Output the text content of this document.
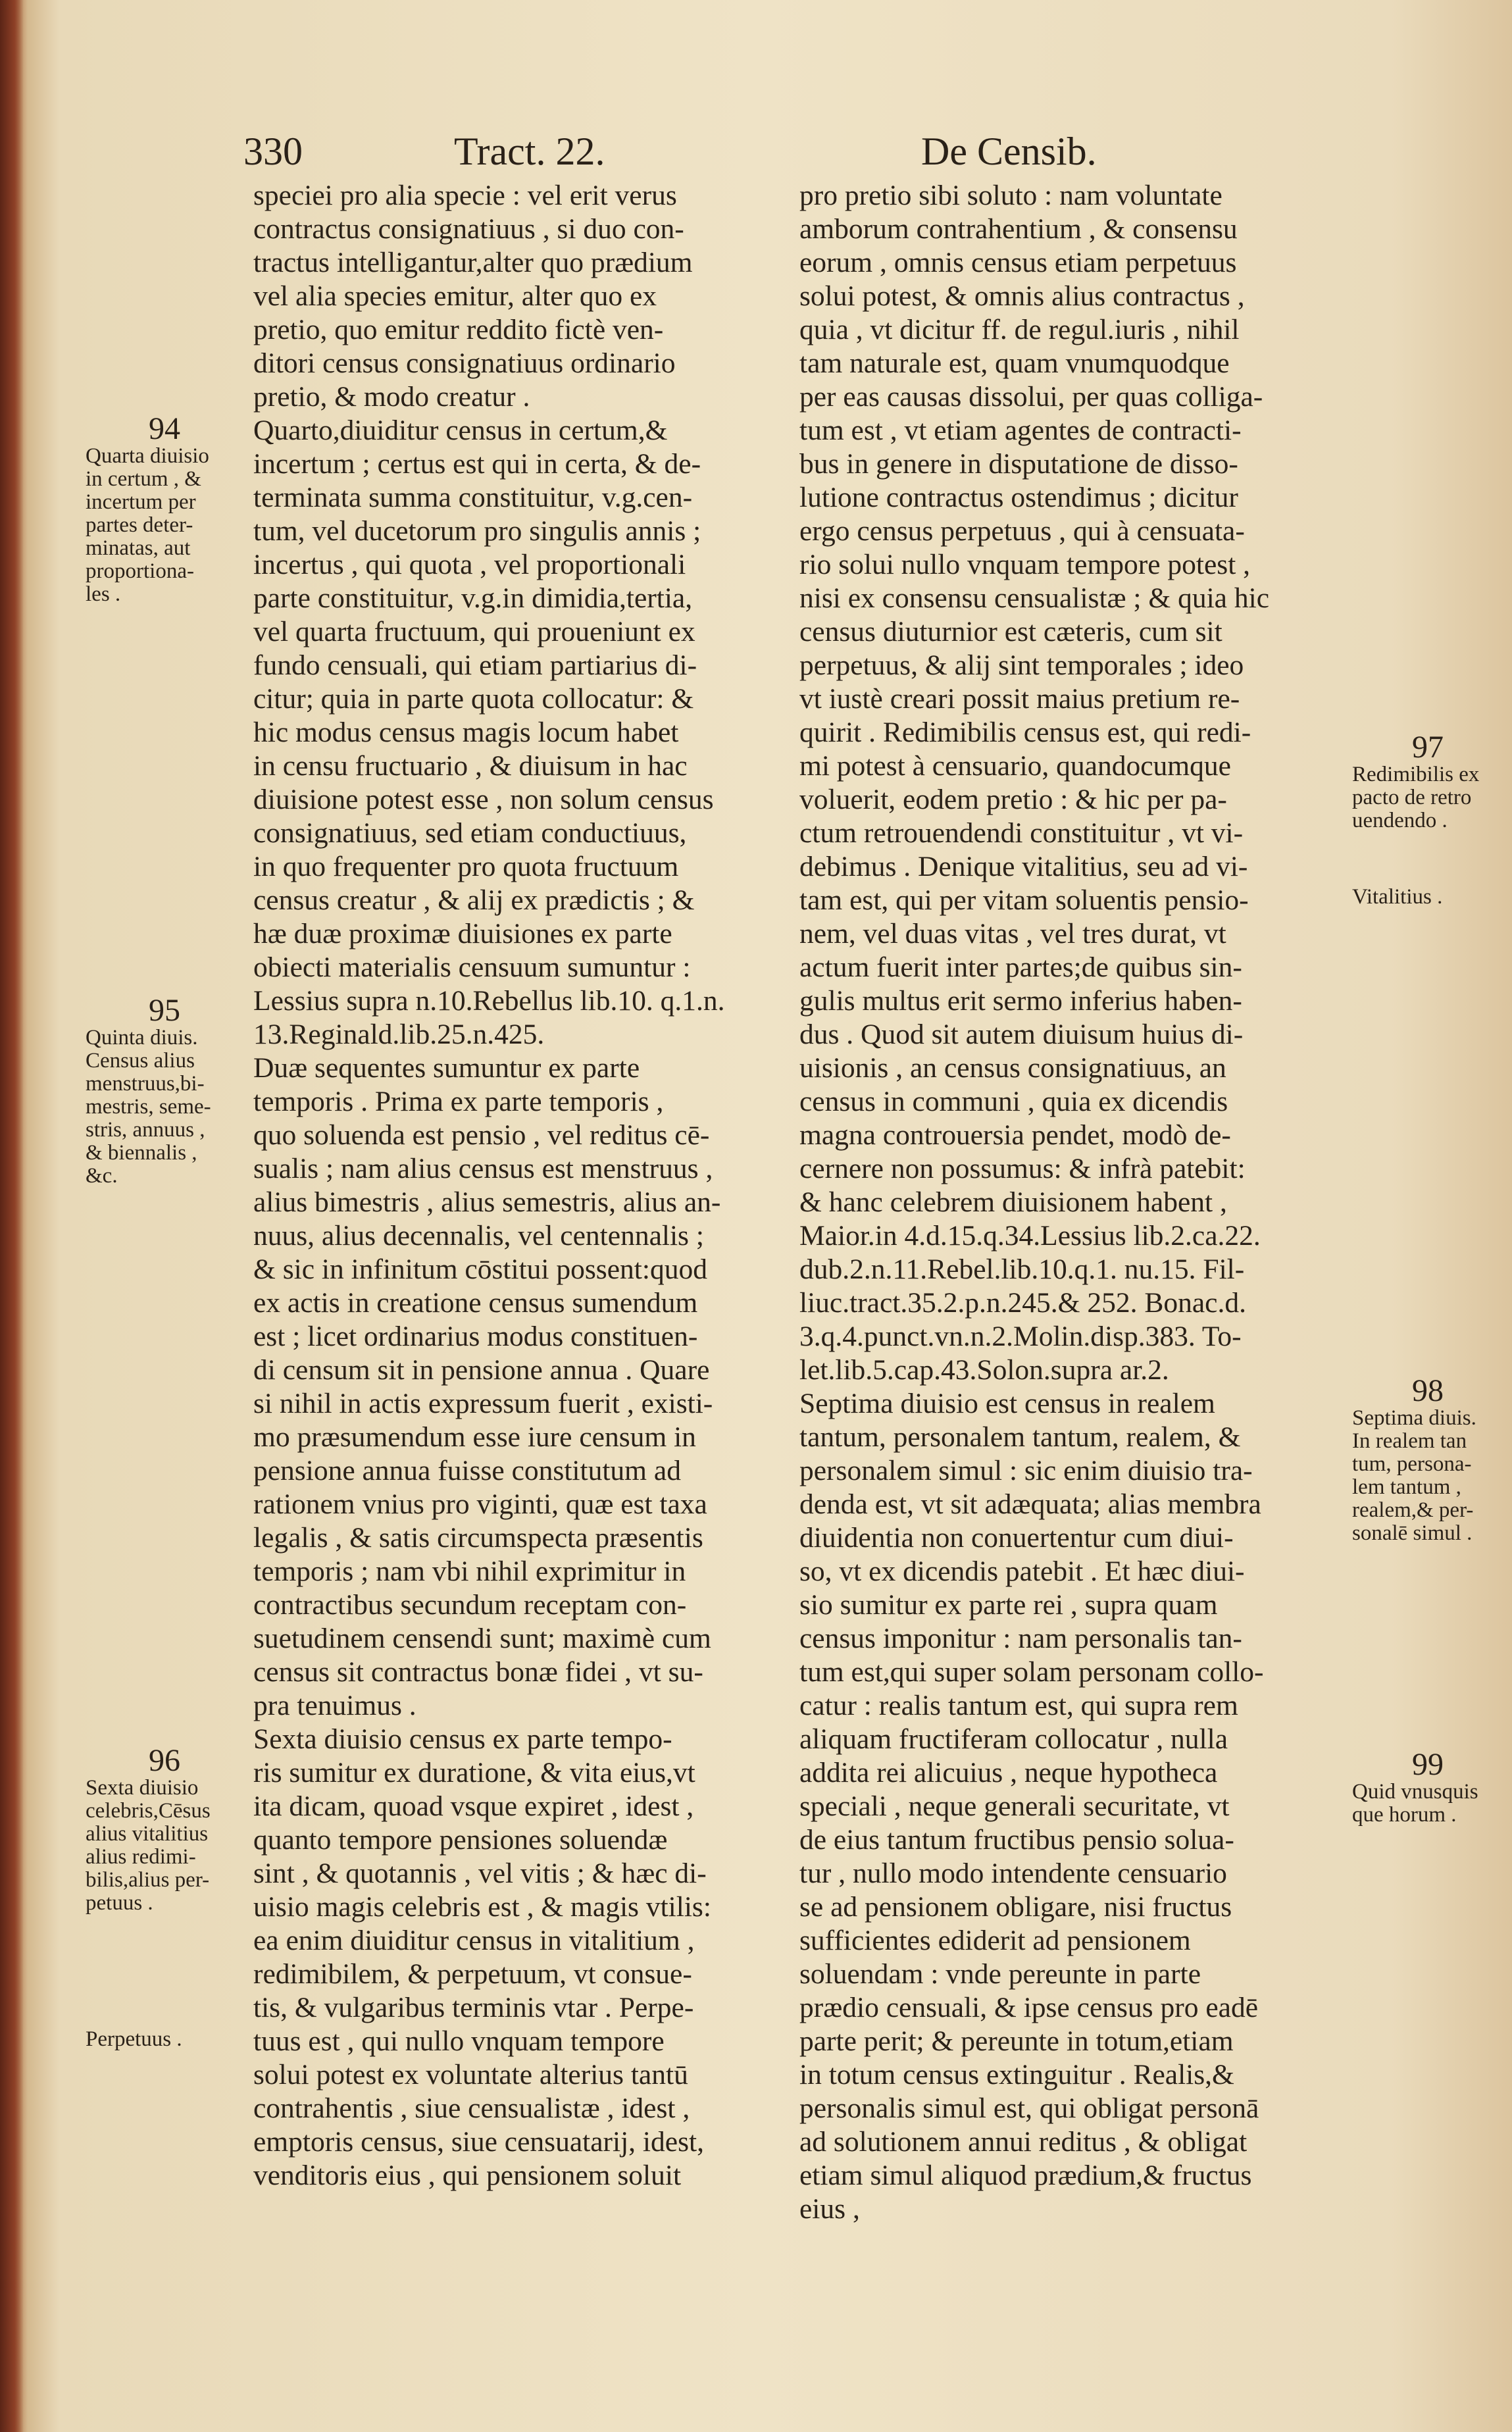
330	Tract. 22.	De Censib.

speciei pro alia specie : vel erit verus

contractus consignatiuus , si duo con-

tractus intelligantur,alter quo prædium

vel alia species emitur, alter quo ex

pretio, quo emitur reddito fictè ven-

ditori census consignatiuus ordinario

pretio, & modo creatur .

Quarto,diuiditur census in certum,&

incertum ; certus est qui in certa, & de-

terminata summa constituitur, v.g.cen-

tum, vel ducetorum pro singulis annis ;

incertus , qui quota , vel proportionali

parte constituitur, v.g.in dimidia,tertia,

vel quarta fructuum, qui proueniunt ex

fundo censuali, qui etiam partiarius di-

citur; quia in parte quota collocatur: &

hic modus census magis locum habet

in censu fructuario , & diuisum in hac

diuisione potest esse , non solum census

consignatiuus, sed etiam conductiuus,

in quo frequenter pro quota fructuum

census creatur , & alij ex prædictis ; &

hæ duæ proximæ diuisiones ex parte

obiecti materialis censuum sumuntur :

Lessius supra n.10.Rebellus lib.10. q.1.n.

13.Reginald.lib.25.n.425.

Duæ sequentes sumuntur ex parte

temporis . Prima ex parte temporis ,

quo soluenda est pensio , vel reditus cē-

sualis ; nam alius census est menstruus ,

alius bimestris , alius semestris, alius an-

nuus, alius decennalis, vel centennalis ;

& sic in infinitum cōstitui possent:quod

ex actis in creatione census sumendum

est ; licet ordinarius modus constituen-

di censum sit in pensione annua . Quare

si nihil in actis expressum fuerit , existi-

mo præsumendum esse iure censum in

pensione annua fuisse constitutum ad

rationem vnius pro viginti, quæ est taxa

legalis , & satis circumspecta præsentis

temporis ; nam vbi nihil exprimitur in

contractibus secundum receptam con-

suetudinem censendi sunt; maximè cum

census sit contractus bonæ fidei , vt su-

pra tenuimus .

Sexta diuisio census ex parte tempo-

ris sumitur ex duratione, & vita eius,vt

ita dicam, quoad vsque expiret , idest ,

quanto tempore pensiones soluendæ

sint , & quotannis , vel vitis ; & hæc di-

uisio magis celebris est , & magis vtilis:

ea enim diuiditur census in vitalitium ,

redimibilem, & perpetuum, vt consue-

tis, & vulgaribus terminis vtar . Perpe-

tuus est , qui nullo vnquam tempore

solui potest ex voluntate alterius tantū

contrahentis , siue censualistæ , idest ,

emptoris census, siue censuatarij, idest,

venditoris eius , qui pensionem soluit

pro pretio sibi soluto : nam voluntate

amborum contrahentium , & consensu

eorum , omnis census etiam perpetuus

solui potest, & omnis alius contractus ,

quia , vt dicitur ff. de regul.iuris , nihil

tam naturale est, quam vnumquodque

per eas causas dissolui, per quas colliga-

tum est , vt etiam agentes de contracti-

bus in genere in disputatione de disso-

lutione contractus ostendimus ; dicitur

ergo census perpetuus , qui à censuata-

rio solui nullo vnquam tempore potest ,

nisi ex consensu censualistæ ; & quia hic

census diuturnior est cæteris, cum sit

perpetuus, & alij sint temporales ; ideo

vt iustè creari possit maius pretium re-

quirit . Redimibilis census est, qui redi-

mi potest à censuario, quandocumque

voluerit, eodem pretio : & hic per pa-

ctum retrouendendi constituitur , vt vi-

debimus . Denique vitalitius, seu ad vi-

tam est, qui per vitam soluentis pensio-

nem, vel duas vitas , vel tres durat, vt

actum fuerit inter partes;de quibus sin-

gulis multus erit sermo inferius haben-

dus . Quod sit autem diuisum huius di-

uisionis , an census consignatiuus, an

census in communi , quia ex dicendis

magna controuersia pendet, modò de-

cernere non possumus: & infrà patebit:

& hanc celebrem diuisionem habent ,

Maior.in 4.d.15.q.34.Lessius lib.2.ca.22.

dub.2.n.11.Rebel.lib.10.q.1. nu.15. Fil-

liuc.tract.35.2.p.n.245.& 252. Bonac.d.

3.q.4.punct.vn.n.2.Molin.disp.383. To-

let.lib.5.cap.43.Solon.supra ar.2.

Septima diuisio est census in realem

tantum, personalem tantum, realem, &

personalem simul : sic enim diuisio tra-

denda est, vt sit adæquata; alias membra

diuidentia non conuertentur cum diui-

so, vt ex dicendis patebit . Et hæc diui-

sio sumitur ex parte rei , supra quam

census imponitur : nam personalis tan-

tum est,qui super solam personam collo-

catur : realis tantum est, qui supra rem

aliquam fructiferam collocatur , nulla

addita rei alicuius , neque hypotheca

speciali , neque generali securitate, vt

de eius tantum fructibus pensio solua-

tur , nullo modo intendente censuario

se ad pensionem obligare, nisi fructus

sufficientes ediderit ad pensionem

soluendam : vnde pereunte in parte

prædio censuali, & ipse census pro eadē

parte perit; & pereunte in totum,etiam

in totum census extinguitur . Realis,&

personalis simul est, qui obligat personā

ad solutionem annui reditus , & obligat

etiam simul aliquod prædium,& fructus

eius ,

94
Quarta diuisio
in certum , &
incertum per
partes deter-
minatas, aut
proportiona-
les .
95
Quinta diuis.
Census alius
menstruus,bi-
mestris, seme-
stris, annuus ,
& biennalis ,
&c.
96
Sexta diuisio
celebris,Cēsus
alius vitalitius
alius redimi-
bilis,alius per-
petuus .
Perpetuus .
97
Redimibilis ex
pacto de retro
uendendo .
Vitalitius .
98
Septima diuis.
In realem tan
tum, persona-
lem tantum ,
realem,& per-
sonalē simul .
99
Quid vnusquis
que horum .
